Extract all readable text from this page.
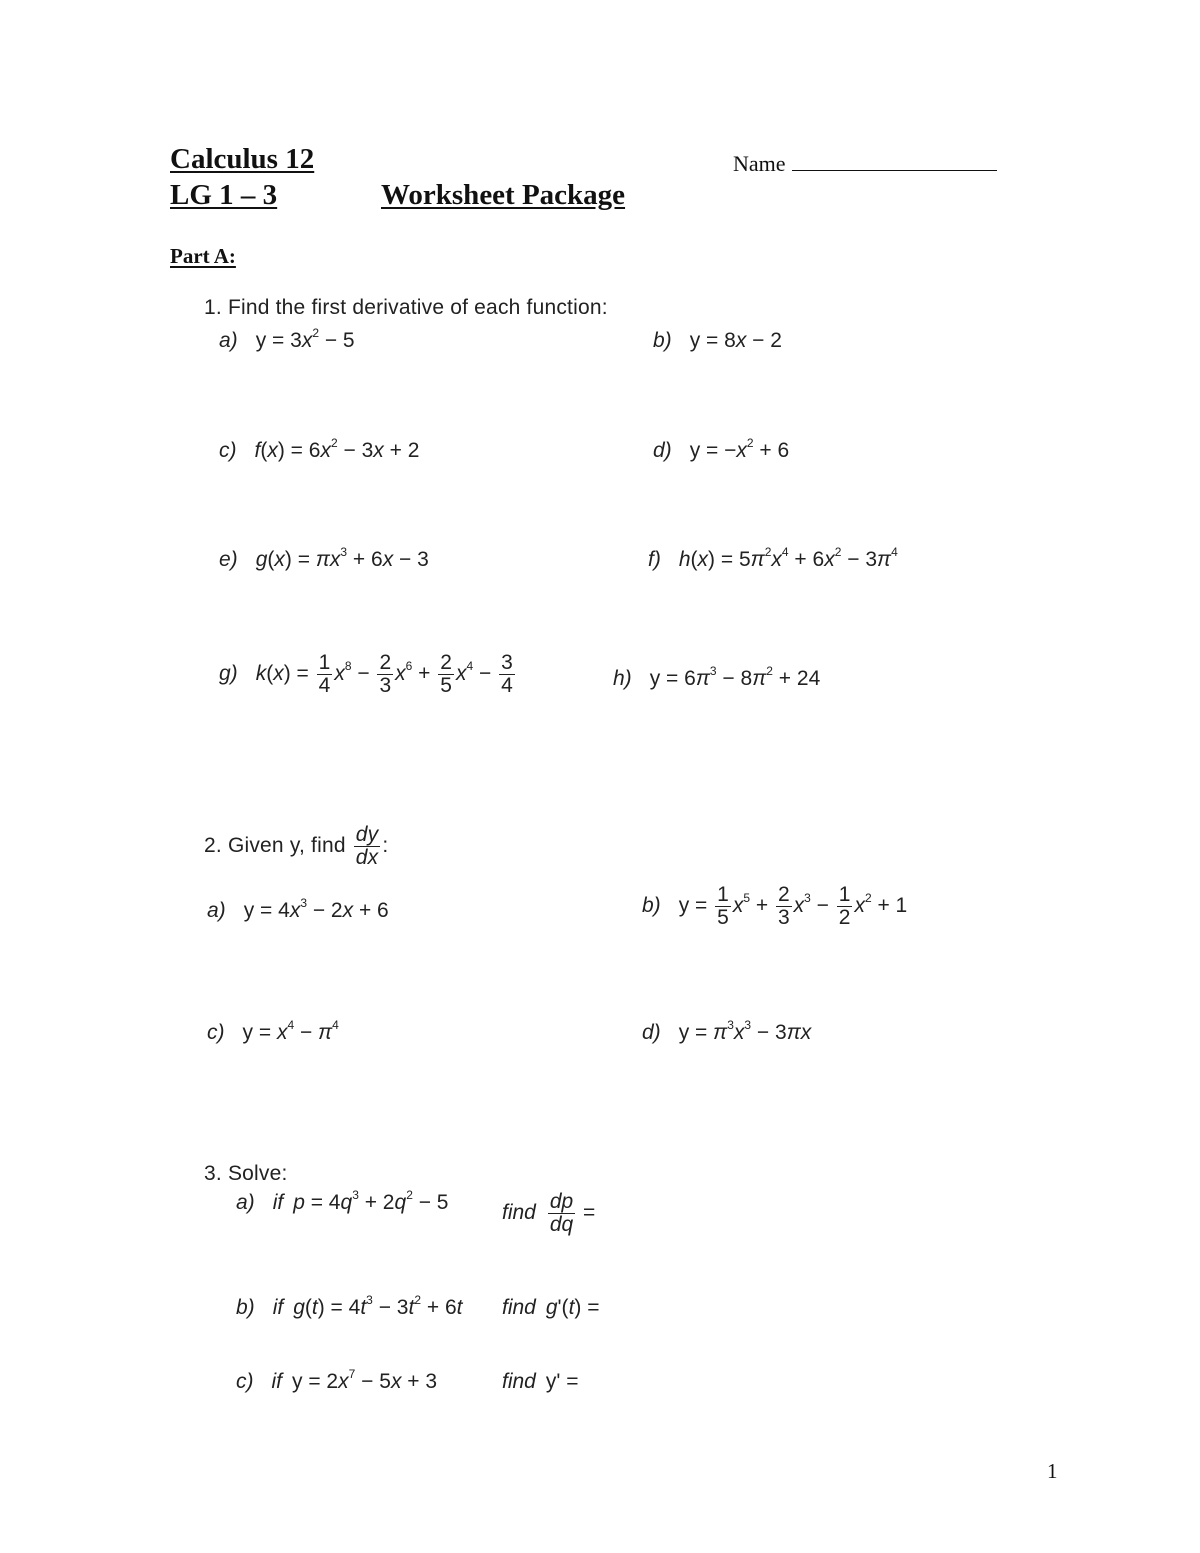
Calculus 12
LG 1 – 3	Worksheet Package
Name
Part A:
1. Find the first derivative of each function:
a) $y = 3x^2 - 5$	b) y = 8x − 2
c) $f(x) = 6x^2 - 3x + 2$	d) $y = -x^2 + 6$
e) $g(x) = \pi x^3 + 6x - 3$	f) $h(x) = 5\pi^2x^4 + 6x^2 - 3\pi^4$
g) $k(x) = \frac{1}{4} x^8 - \frac{2}{3} x^6 + \frac{2}{5} x^4 - \frac{3}{4}$	h) $y = 6\pi^3 - 8\pi^2 + 24$
2. Given y, find $\frac{dy}{dx}$ :
a) $y = 4x^3 - 2x + 6$	b) $y = \frac{1}{5} x^5 + \frac{2}{3} x^3 - \frac{1}{2} x^2 + 1$
c) $y = x^4 - \pi^4$	d) $y = \pi^3x^3 - 3\pi x$
3. Solve:
a) if $p = 4q^3 + 2q^2 - 5$	find $\frac{dp}{dq}$ =
b) if $g(t) = 4t^3 - 3t^2 + 6t$ find g'(t) =
c) if $y = 2x^7 - 5x + 3$	find y' =
1
